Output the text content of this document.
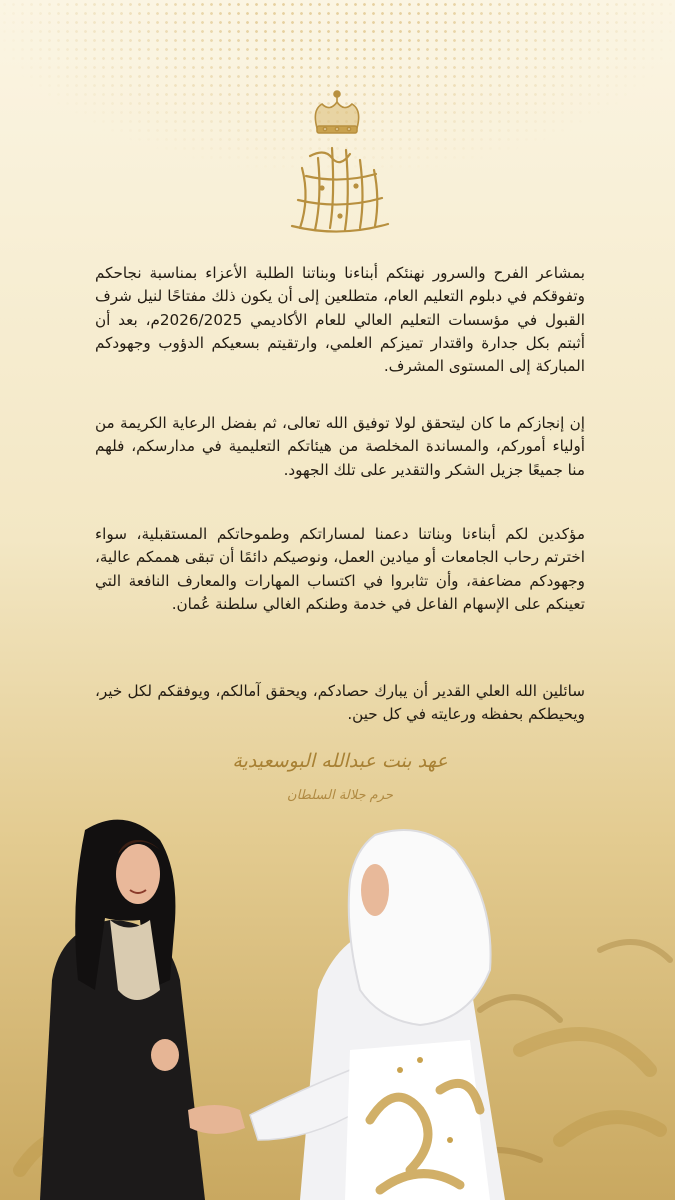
بمشاعر الفرح والسرور نهنئكم أبناءنا وبناتنا الطلبة الأعزاء بمناسبة نجاحكم وتفوقكم في دبلوم التعليم العام، متطلعين إلى أن يكون ذلك مفتاحًا لنيل شرف القبول في مؤسسات التعليم العالي للعام الأكاديمي 2026/2025م، بعد أن أثبتم بكل جدارة واقتدار تميزكم العلمي، وارتقيتم بسعيكم الدؤوب وجهودكم المباركة إلى المستوى المشرف.

إن إنجازكم ما كان ليتحقق لولا توفيق الله تعالى، ثم بفضل الرعاية الكريمة من أولياء أموركم، والمساندة المخلصة من هيئاتكم التعليمية في مدارسكم، فلهم منا جميعًا جزيل الشكر والتقدير على تلك الجهود.

مؤكدين لكم أبناءنا وبناتنا دعمنا لمساراتكم وطموحاتكم المستقبلية، سواء اخترتم رحاب الجامعات أو ميادين العمل، ونوصيكم دائمًا أن تبقى هممكم عالية، وجهودكم مضاعفة، وأن تثابروا في اكتساب المهارات والمعارف النافعة التي تعينكم على الإسهام الفاعل في خدمة وطنكم الغالي سلطنة عُمان.

سائلين الله العلي القدير أن يبارك حصادكم، ويحقق آمالكم، ويوفقكم لكل خير، ويحيطكم بحفظه ورعايته في كل حين.

عهد بنت عبدالله البوسعيدية
حرم جلالة السلطان
